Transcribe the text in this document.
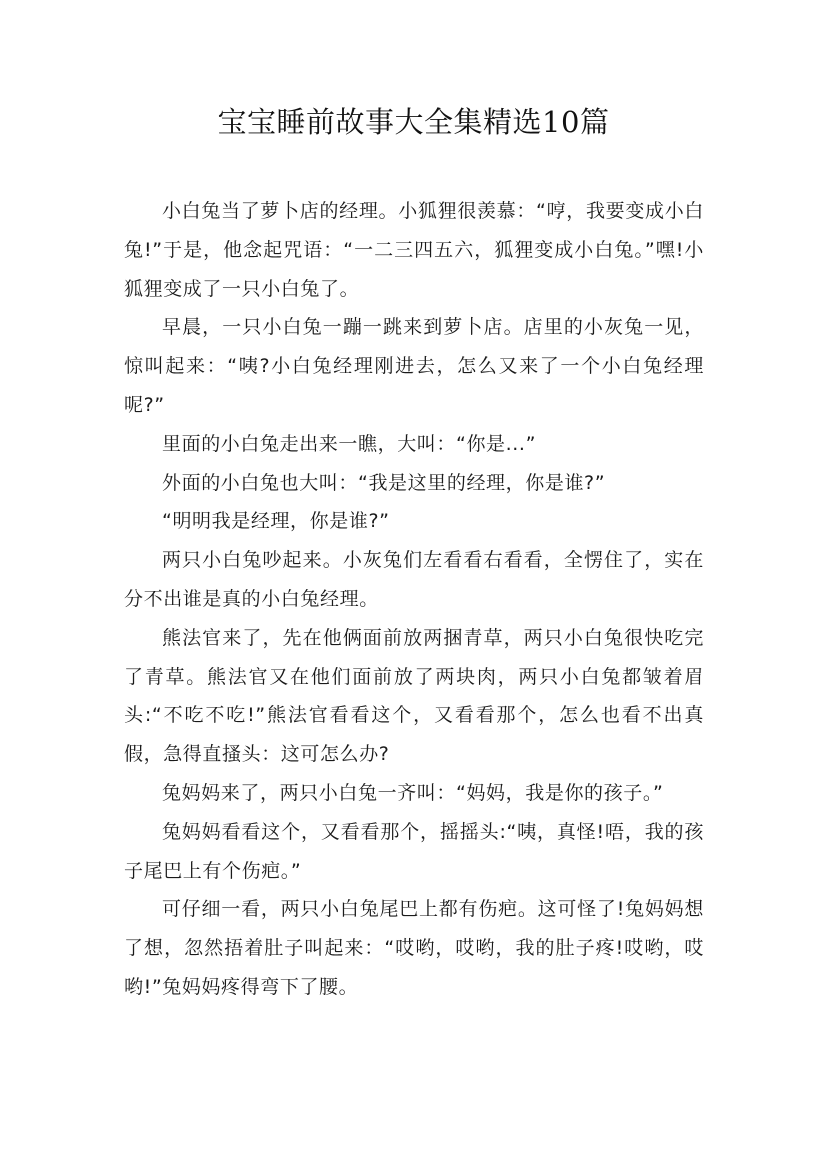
宝宝睡前故事大全集精选10篇

小白兔当了萝卜店的经理。小狐狸很羡慕：“哼，我要变成小白兔!”于是，他念起咒语：“一二三四五六，狐狸变成小白兔。”嘿!小狐狸变成了一只小白兔了。

早晨，一只小白兔一蹦一跳来到萝卜店。店里的小灰兔一见，惊叫起来：“咦?小白兔经理刚进去，怎么又来了一个小白兔经理呢?”

里面的小白兔走出来一瞧，大叫：“你是...”

外面的小白兔也大叫：“我是这里的经理，你是谁?”

“明明我是经理，你是谁?”

两只小白兔吵起来。小灰兔们左看看右看看，全愣住了，实在分不出谁是真的小白兔经理。

熊法官来了，先在他俩面前放两捆青草，两只小白兔很快吃完了青草。熊法官又在他们面前放了两块肉，两只小白兔都皱着眉头:“不吃不吃!”熊法官看看这个，又看看那个，怎么也看不出真假，急得直搔头：这可怎么办?

兔妈妈来了，两只小白兔一齐叫：“妈妈，我是你的孩子。”

兔妈妈看看这个，又看看那个，摇摇头:“咦，真怪!唔，我的孩子尾巴上有个伤疤。”

可仔细一看，两只小白兔尾巴上都有伤疤。这可怪了!兔妈妈想了想，忽然捂着肚子叫起来：“哎哟，哎哟，我的肚子疼!哎哟，哎哟!”兔妈妈疼得弯下了腰。
